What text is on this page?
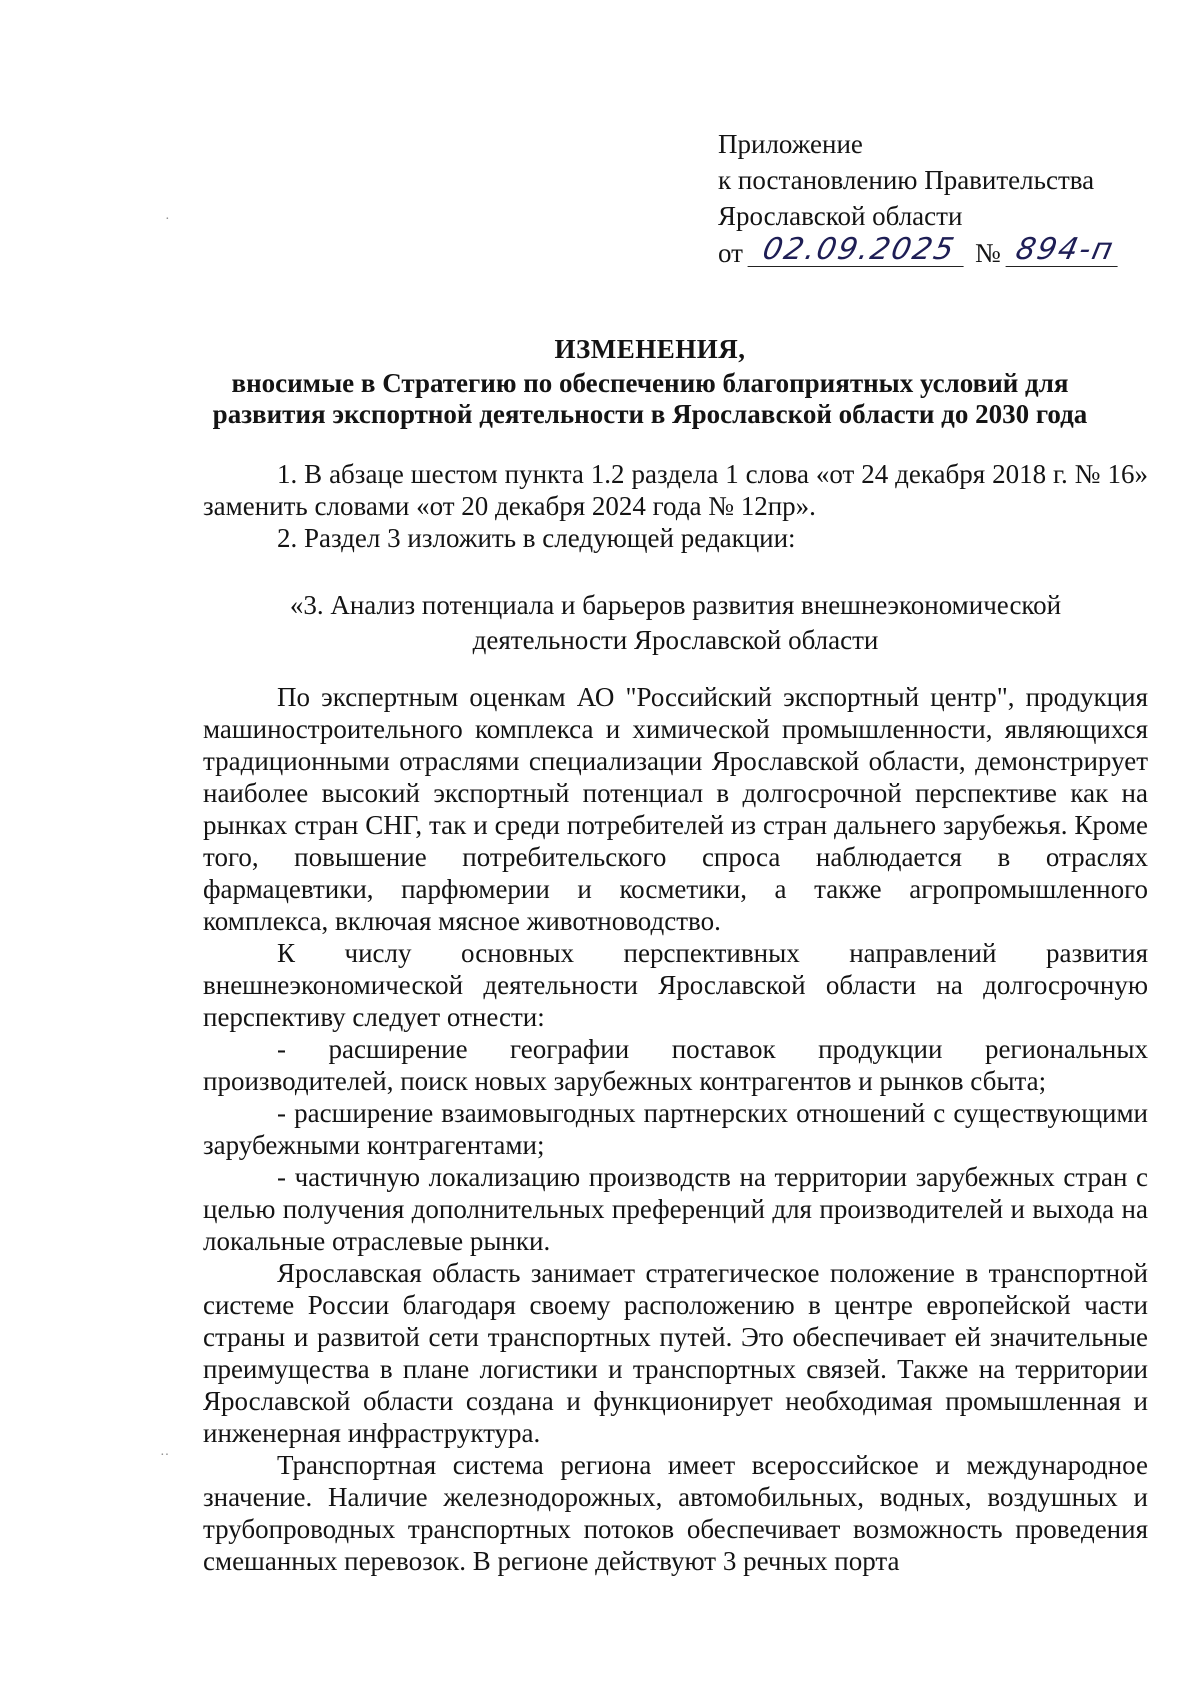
Приложение
к постановлению Правительства
Ярославской области
от 02.09.2025 № 894-п
ИЗМЕНЕНИЯ,
вносимые в Стратегию по обеспечению благоприятных условий для
развития экспортной деятельности в Ярославской области до 2030 года

1. В абзаце шестом пункта 1.2 раздела 1 слова «от 24 декабря 2018 г. № 16» заменить словами «от 20 декабря 2024 года № 12пр».

2. Раздел 3 изложить в следующей редакции:

«3. Анализ потенциала и барьеров развития внешнеэкономической
деятельности Ярославской области

По экспертным оценкам АО "Российский экспортный центр", продукция машиностроительного комплекса и химической промышленности, являющихся традиционными отраслями специализации Ярославской области, демонстрирует наиболее высокий экспортный потенциал в долгосрочной перспективе как на рынках стран СНГ, так и среди потребителей из стран дальнего зарубежья. Кроме того, повышение потребительского спроса наблюдается в отраслях фармацевтики, парфюмерии и косметики, а также агропромышленного комплекса, включая мясное животноводство.

К числу основных перспективных направлений развития внешнеэкономической деятельности Ярославской области на долгосрочную перспективу следует отнести:

- расширение географии поставок продукции региональных производителей, поиск новых зарубежных контрагентов и рынков сбыта;

- расширение взаимовыгодных партнерских отношений с существующими зарубежными контрагентами;

- частичную локализацию производств на территории зарубежных стран с целью получения дополнительных преференций для производителей и выхода на локальные отраслевые рынки.

Ярославская область занимает стратегическое положение в транспортной системе России благодаря своему расположению в центре европейской части страны и развитой сети транспортных путей. Это обеспечивает ей значительные преимущества в плане логистики и транспортных связей. Также на территории Ярославской области создана и функционирует необходимая промышленная и инженерная инфраструктура.

Транспортная система региона имеет всероссийское и международное значение. Наличие железнодорожных, автомобильных, водных, воздушных и трубопроводных транспортных потоков обеспечивает возможность проведения смешанных перевозок. В регионе действуют 3 речных порта

·
··
